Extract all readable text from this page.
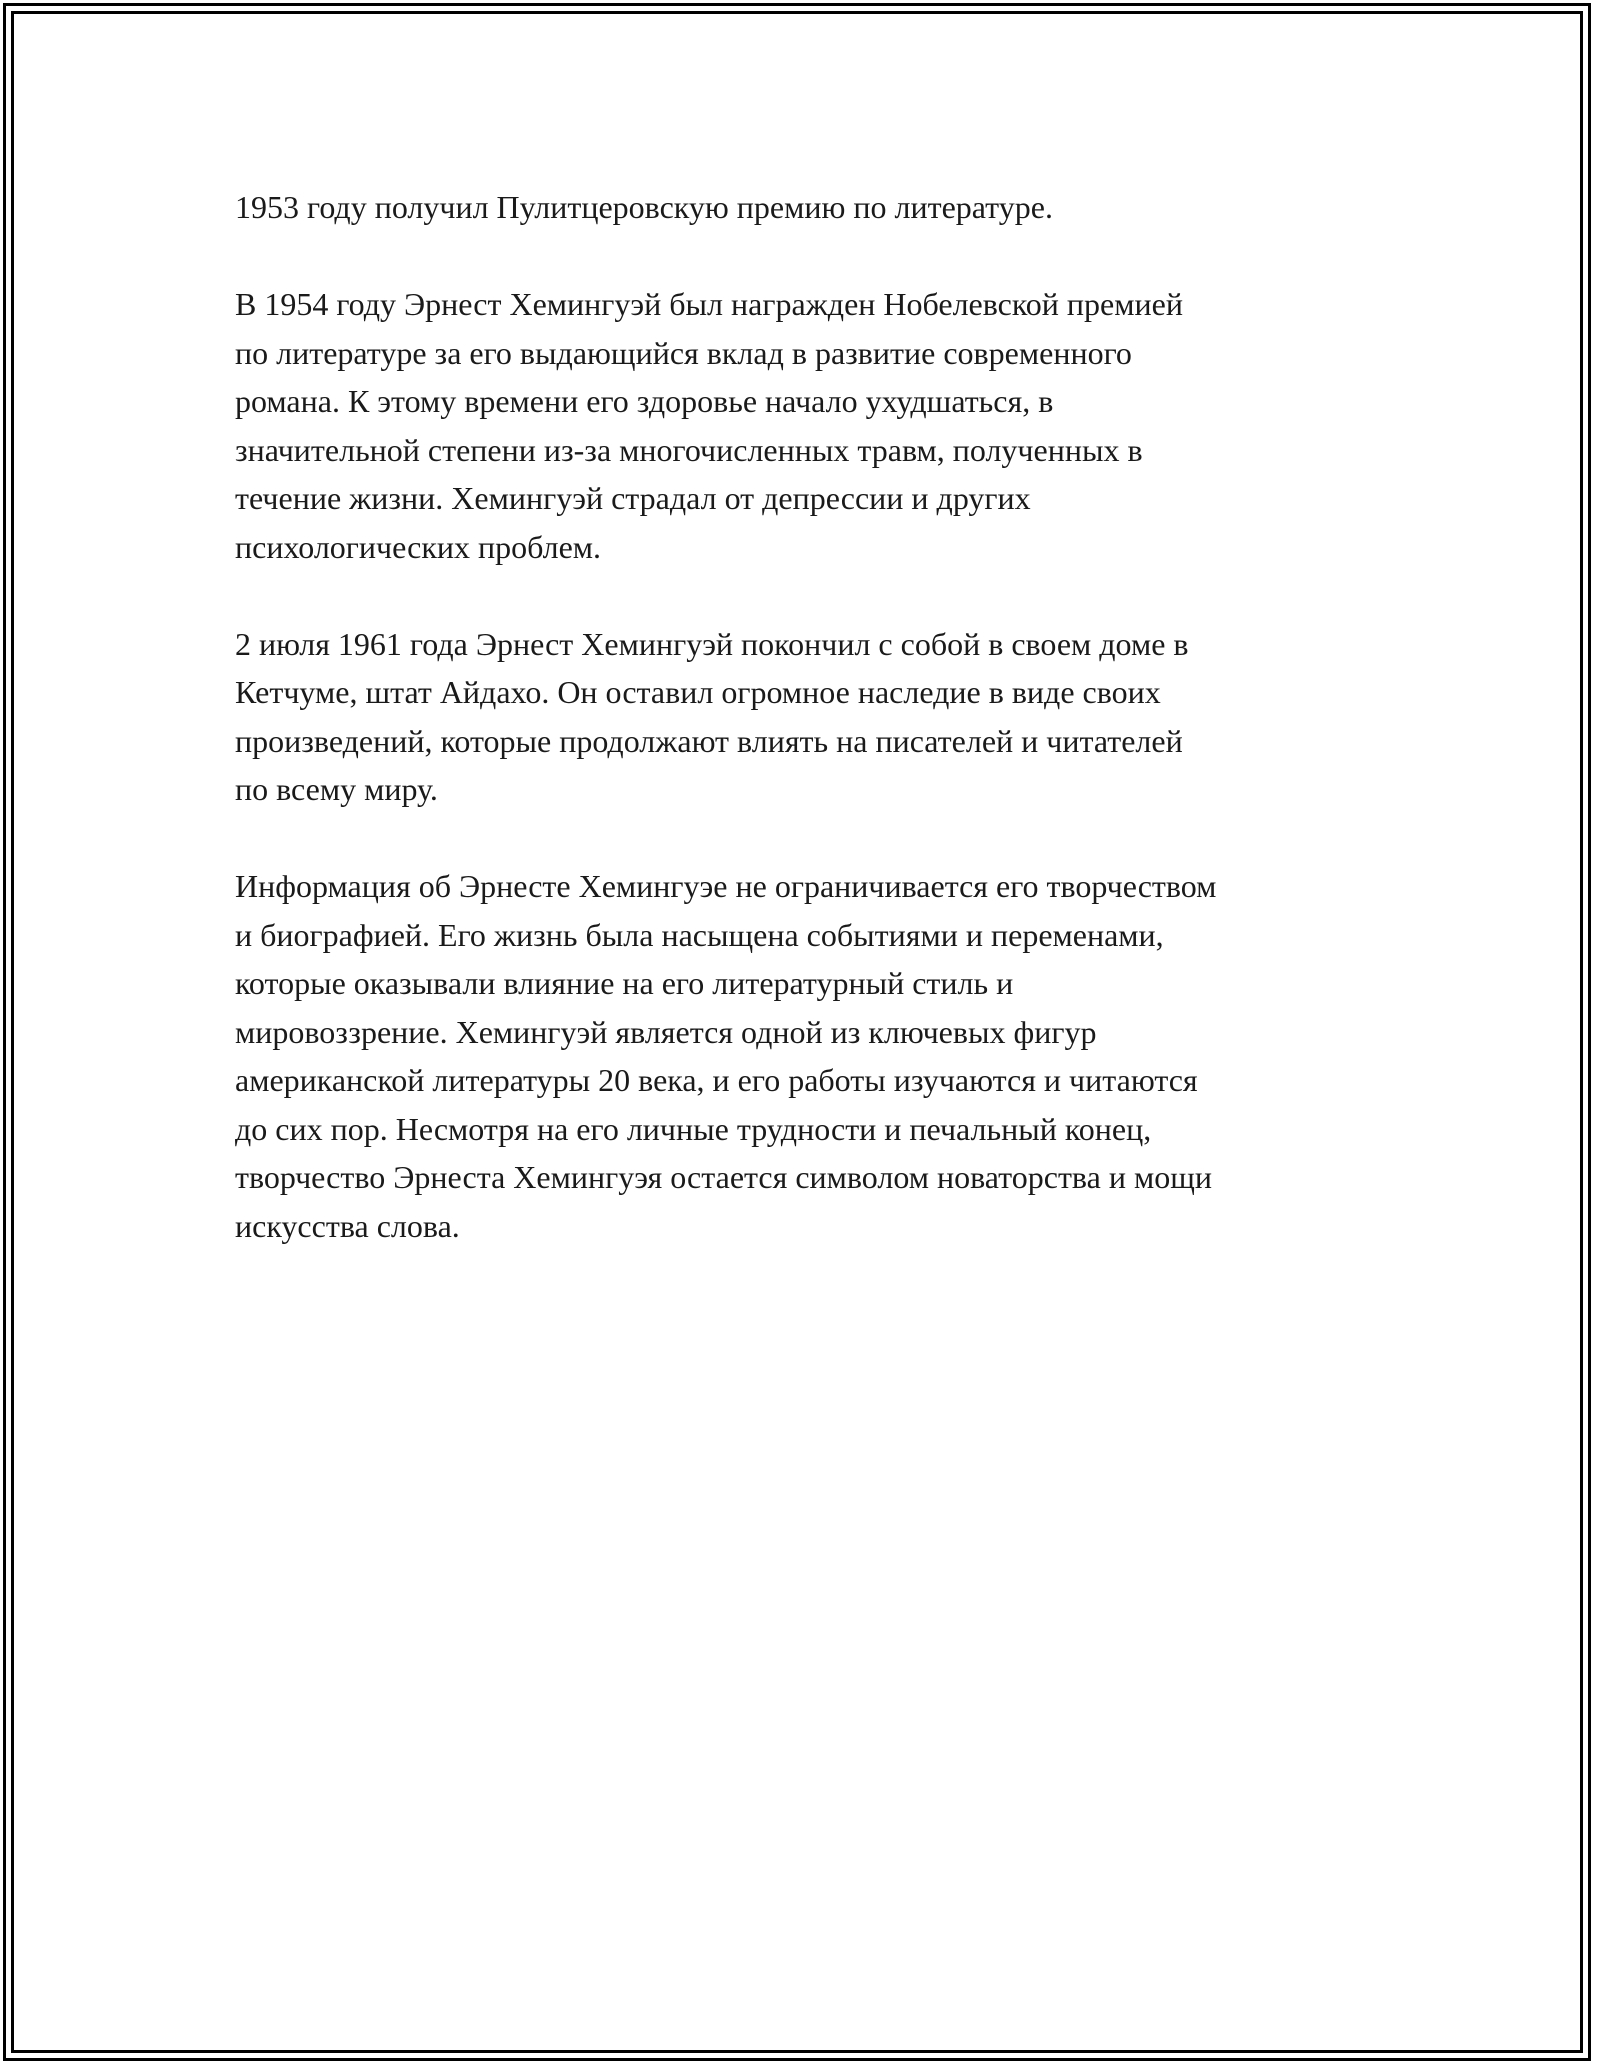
1953 году получил Пулитцеровскую премию по литературе.

В 1954 году Эрнест Хемингуэй был награжден Нобелевской премией
по литературе за его выдающийся вклад в развитие современного
романа. К этому времени его здоровье начало ухудшаться, в
значительной степени из-за многочисленных травм, полученных в
течение жизни. Хемингуэй страдал от депрессии и других
психологических проблем.

2 июля 1961 года Эрнест Хемингуэй покончил с собой в своем доме в
Кетчуме, штат Айдахо. Он оставил огромное наследие в виде своих
произведений, которые продолжают влиять на писателей и читателей
по всему миру.

Информация об Эрнесте Хемингуэе не ограничивается его творчеством
и биографией. Его жизнь была насыщена событиями и переменами,
которые оказывали влияние на его литературный стиль и
мировоззрение. Хемингуэй является одной из ключевых фигур
американской литературы 20 века, и его работы изучаются и читаются
до сих пор. Несмотря на его личные трудности и печальный конец,
творчество Эрнеста Хемингуэя остается символом новаторства и мощи
искусства слова.
